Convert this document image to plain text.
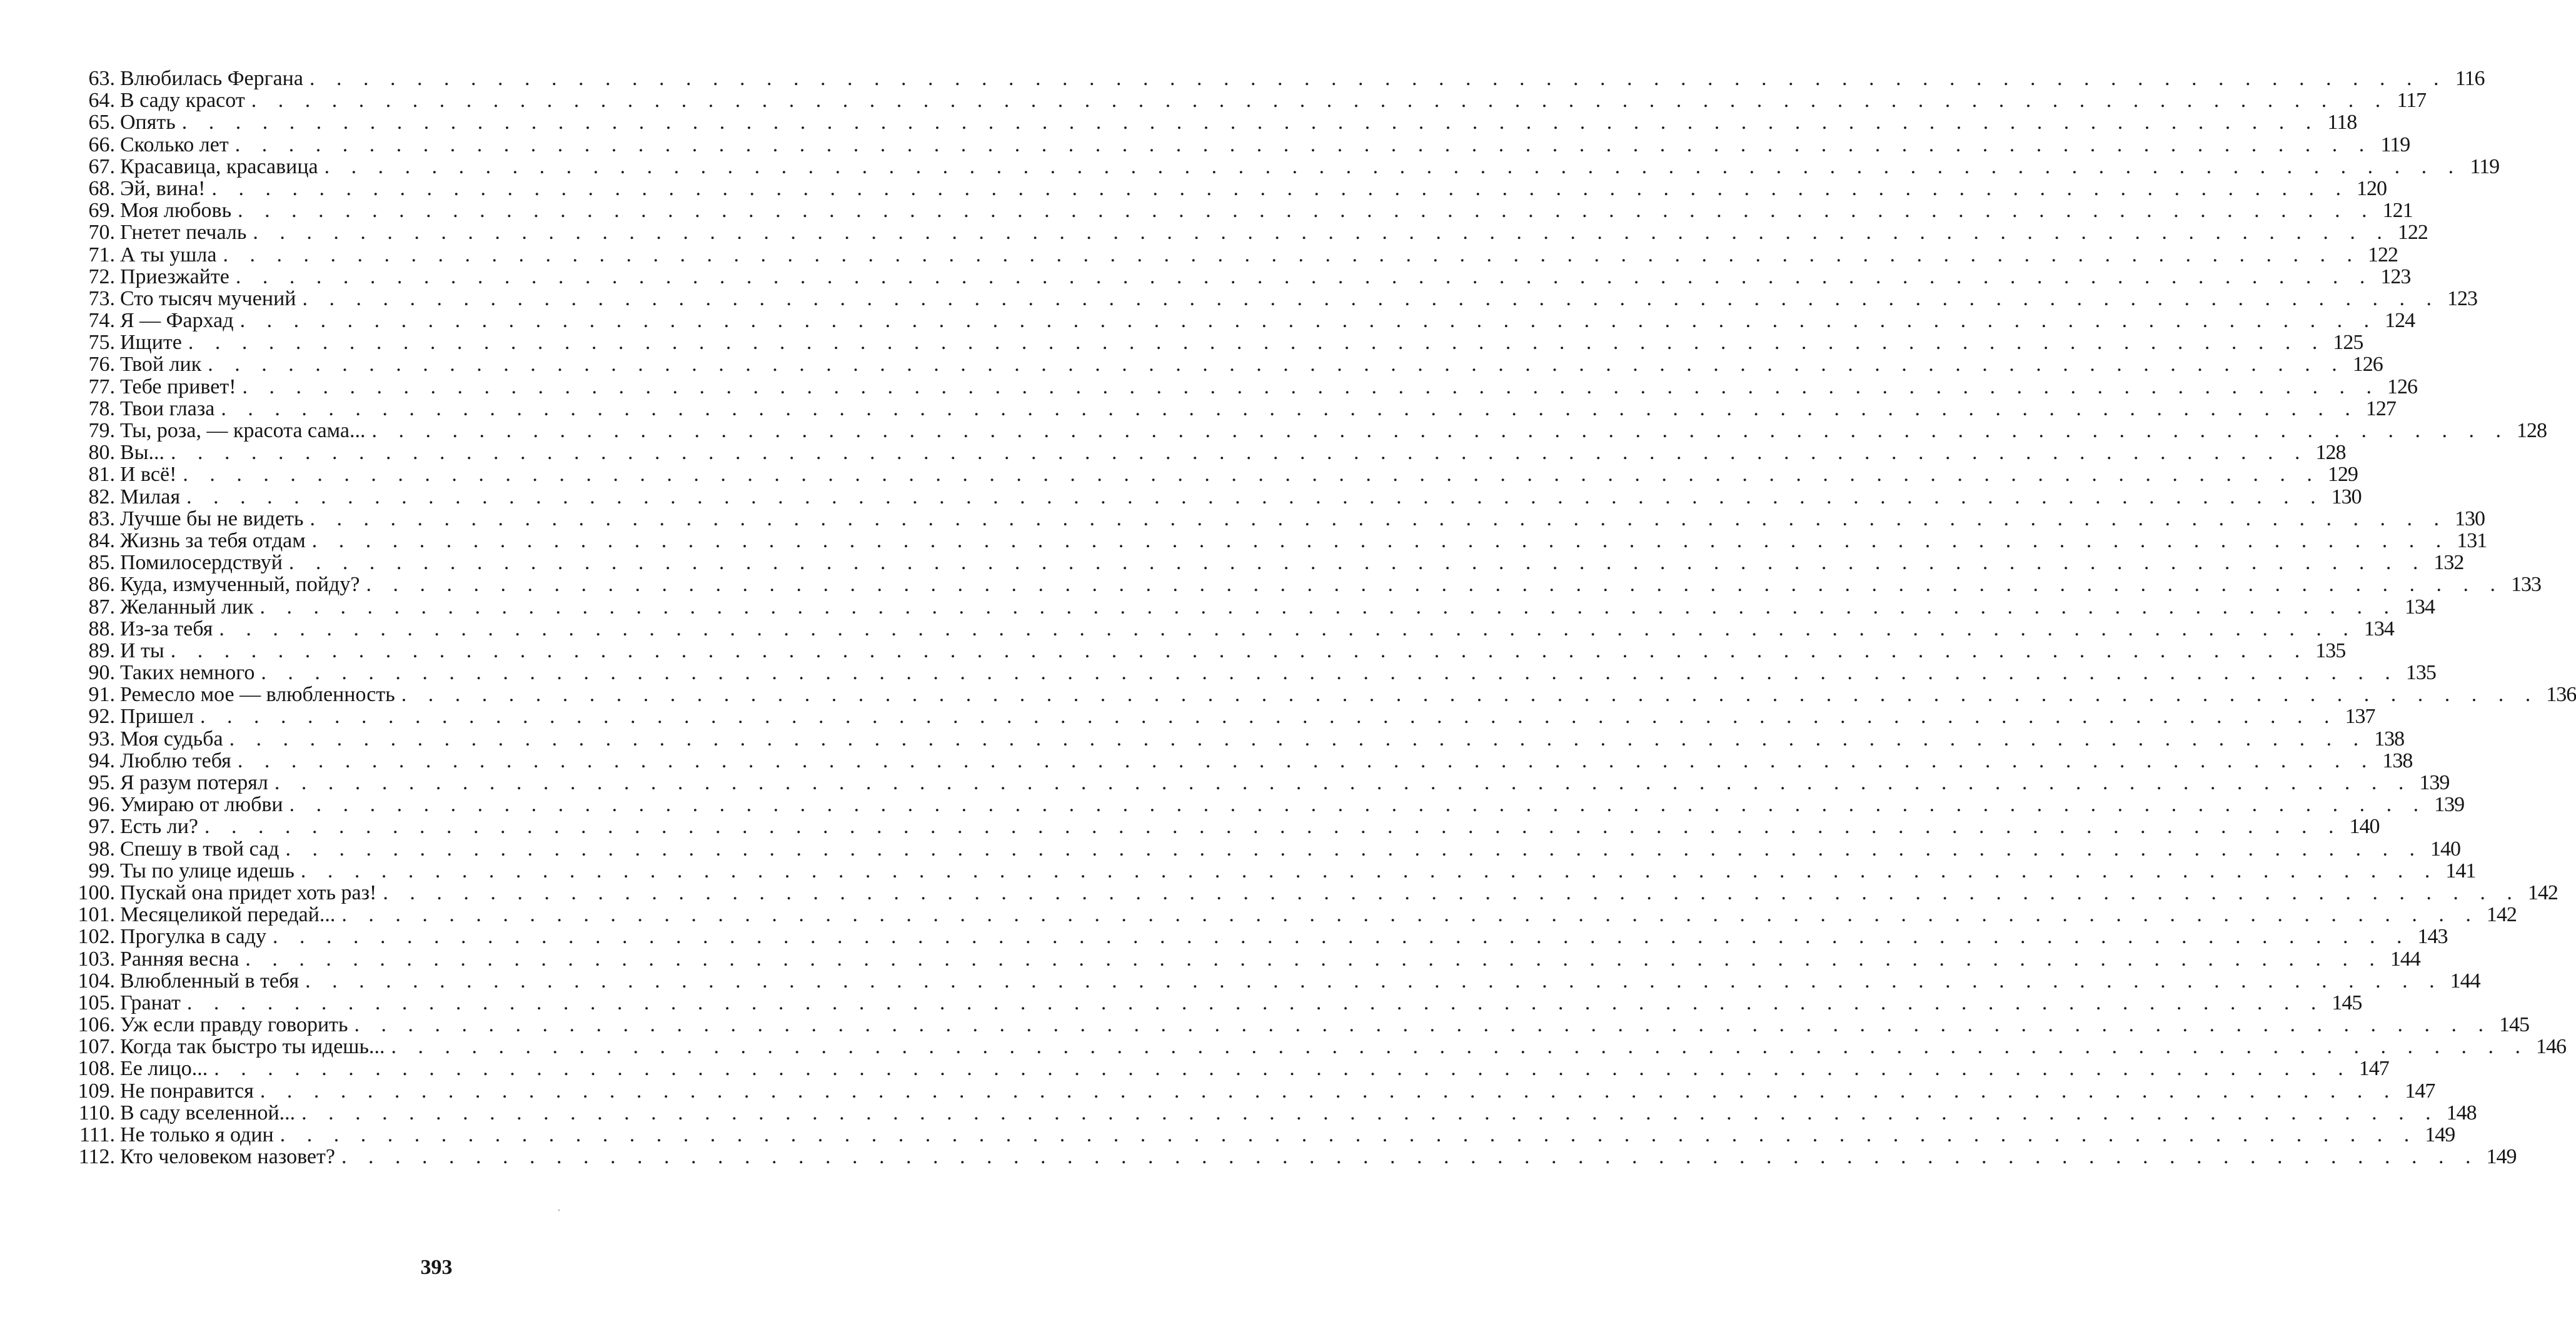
63. Влюбилась Фергана . . . . . . . . . . . . . . . . . . . . . . . . . . . . . . . . . . . . . . . . . . . . . . . . . . . . . . . . . . . . . . . . . . . . . . . . . . . . . . . . 116
64. В саду красот . . . . . . . . . . . . . . . . . . . . . . . . . . . . . . . . . . . . . . . . . . . . . . . . . . . . . . . . . . . . . . . . . . . . . . . . . . . . . . . . 117
65. Опять . . . . . . . . . . . . . . . . . . . . . . . . . . . . . . . . . . . . . . . . . . . . . . . . . . . . . . . . . . . . . . . . . . . . . . . . . . . . . . . . 118
66. Сколько лет . . . . . . . . . . . . . . . . . . . . . . . . . . . . . . . . . . . . . . . . . . . . . . . . . . . . . . . . . . . . . . . . . . . . . . . . . . . . . . . . 119
67. Красавица, красавица . . . . . . . . . . . . . . . . . . . . . . . . . . . . . . . . . . . . . . . . . . . . . . . . . . . . . . . . . . . . . . . . . . . . . . . . . . . . . . . . 119
68. Эй, вина! . . . . . . . . . . . . . . . . . . . . . . . . . . . . . . . . . . . . . . . . . . . . . . . . . . . . . . . . . . . . . . . . . . . . . . . . . . . . . . . . 120
69. Моя любовь . . . . . . . . . . . . . . . . . . . . . . . . . . . . . . . . . . . . . . . . . . . . . . . . . . . . . . . . . . . . . . . . . . . . . . . . . . . . . . . . 121
70. Гнетет печаль . . . . . . . . . . . . . . . . . . . . . . . . . . . . . . . . . . . . . . . . . . . . . . . . . . . . . . . . . . . . . . . . . . . . . . . . . . . . . . . . 122
71. А ты ушла . . . . . . . . . . . . . . . . . . . . . . . . . . . . . . . . . . . . . . . . . . . . . . . . . . . . . . . . . . . . . . . . . . . . . . . . . . . . . . . . 122
72. Приезжайте . . . . . . . . . . . . . . . . . . . . . . . . . . . . . . . . . . . . . . . . . . . . . . . . . . . . . . . . . . . . . . . . . . . . . . . . . . . . . . . . 123
73. Сто тысяч мучений . . . . . . . . . . . . . . . . . . . . . . . . . . . . . . . . . . . . . . . . . . . . . . . . . . . . . . . . . . . . . . . . . . . . . . . . . . . . . . . . 123
74. Я — Фархад . . . . . . . . . . . . . . . . . . . . . . . . . . . . . . . . . . . . . . . . . . . . . . . . . . . . . . . . . . . . . . . . . . . . . . . . . . . . . . . . 124
75. Ищите . . . . . . . . . . . . . . . . . . . . . . . . . . . . . . . . . . . . . . . . . . . . . . . . . . . . . . . . . . . . . . . . . . . . . . . . . . . . . . . . 125
76. Твой лик . . . . . . . . . . . . . . . . . . . . . . . . . . . . . . . . . . . . . . . . . . . . . . . . . . . . . . . . . . . . . . . . . . . . . . . . . . . . . . . . 126
77. Тебе привет! . . . . . . . . . . . . . . . . . . . . . . . . . . . . . . . . . . . . . . . . . . . . . . . . . . . . . . . . . . . . . . . . . . . . . . . . . . . . . . . . 126
78. Твои глаза . . . . . . . . . . . . . . . . . . . . . . . . . . . . . . . . . . . . . . . . . . . . . . . . . . . . . . . . . . . . . . . . . . . . . . . . . . . . . . . . 127
79. Ты, роза, — красота сама... . . . . . . . . . . . . . . . . . . . . . . . . . . . . . . . . . . . . . . . . . . . . . . . . . . . . . . . . . . . . . . . . . . . . . . . . . . . . . . . . 128
80. Вы... . . . . . . . . . . . . . . . . . . . . . . . . . . . . . . . . . . . . . . . . . . . . . . . . . . . . . . . . . . . . . . . . . . . . . . . . . . . . . . . . 128
81. И всё! . . . . . . . . . . . . . . . . . . . . . . . . . . . . . . . . . . . . . . . . . . . . . . . . . . . . . . . . . . . . . . . . . . . . . . . . . . . . . . . . 129
82. Милая . . . . . . . . . . . . . . . . . . . . . . . . . . . . . . . . . . . . . . . . . . . . . . . . . . . . . . . . . . . . . . . . . . . . . . . . . . . . . . . . 130
83. Лучше бы не видеть . . . . . . . . . . . . . . . . . . . . . . . . . . . . . . . . . . . . . . . . . . . . . . . . . . . . . . . . . . . . . . . . . . . . . . . . . . . . . . . . 130
84. Жизнь за тебя отдам . . . . . . . . . . . . . . . . . . . . . . . . . . . . . . . . . . . . . . . . . . . . . . . . . . . . . . . . . . . . . . . . . . . . . . . . . . . . . . . . 131
85. Помилосердствуй . . . . . . . . . . . . . . . . . . . . . . . . . . . . . . . . . . . . . . . . . . . . . . . . . . . . . . . . . . . . . . . . . . . . . . . . . . . . . . . . 132
86. Куда, измученный, пойду? . . . . . . . . . . . . . . . . . . . . . . . . . . . . . . . . . . . . . . . . . . . . . . . . . . . . . . . . . . . . . . . . . . . . . . . . . . . . . . . . 133
87. Желанный лик . . . . . . . . . . . . . . . . . . . . . . . . . . . . . . . . . . . . . . . . . . . . . . . . . . . . . . . . . . . . . . . . . . . . . . . . . . . . . . . . 134
88. Из-за тебя . . . . . . . . . . . . . . . . . . . . . . . . . . . . . . . . . . . . . . . . . . . . . . . . . . . . . . . . . . . . . . . . . . . . . . . . . . . . . . . . 134
89. И ты . . . . . . . . . . . . . . . . . . . . . . . . . . . . . . . . . . . . . . . . . . . . . . . . . . . . . . . . . . . . . . . . . . . . . . . . . . . . . . . . 135
90. Таких немного . . . . . . . . . . . . . . . . . . . . . . . . . . . . . . . . . . . . . . . . . . . . . . . . . . . . . . . . . . . . . . . . . . . . . . . . . . . . . . . . 135
91. Ремесло мое — влюбленность . . . . . . . . . . . . . . . . . . . . . . . . . . . . . . . . . . . . . . . . . . . . . . . . . . . . . . . . . . . . . . . . . . . . . . . . . . . . . . . . 136
92. Пришел . . . . . . . . . . . . . . . . . . . . . . . . . . . . . . . . . . . . . . . . . . . . . . . . . . . . . . . . . . . . . . . . . . . . . . . . . . . . . . . . 137
93. Моя судьба . . . . . . . . . . . . . . . . . . . . . . . . . . . . . . . . . . . . . . . . . . . . . . . . . . . . . . . . . . . . . . . . . . . . . . . . . . . . . . . . 138
94. Люблю тебя . . . . . . . . . . . . . . . . . . . . . . . . . . . . . . . . . . . . . . . . . . . . . . . . . . . . . . . . . . . . . . . . . . . . . . . . . . . . . . . . 138
95. Я разум потерял . . . . . . . . . . . . . . . . . . . . . . . . . . . . . . . . . . . . . . . . . . . . . . . . . . . . . . . . . . . . . . . . . . . . . . . . . . . . . . . . 139
96. Умираю от любви . . . . . . . . . . . . . . . . . . . . . . . . . . . . . . . . . . . . . . . . . . . . . . . . . . . . . . . . . . . . . . . . . . . . . . . . . . . . . . . . 139
97. Есть ли? . . . . . . . . . . . . . . . . . . . . . . . . . . . . . . . . . . . . . . . . . . . . . . . . . . . . . . . . . . . . . . . . . . . . . . . . . . . . . . . . 140
98. Спешу в твой сад . . . . . . . . . . . . . . . . . . . . . . . . . . . . . . . . . . . . . . . . . . . . . . . . . . . . . . . . . . . . . . . . . . . . . . . . . . . . . . . . 140
99. Ты по улице идешь . . . . . . . . . . . . . . . . . . . . . . . . . . . . . . . . . . . . . . . . . . . . . . . . . . . . . . . . . . . . . . . . . . . . . . . . . . . . . . . . 141
100. Пускай она придет хоть раз! . . . . . . . . . . . . . . . . . . . . . . . . . . . . . . . . . . . . . . . . . . . . . . . . . . . . . . . . . . . . . . . . . . . . . . . . . . . . . . . . 142
101. Месяцеликой передай... . . . . . . . . . . . . . . . . . . . . . . . . . . . . . . . . . . . . . . . . . . . . . . . . . . . . . . . . . . . . . . . . . . . . . . . . . . . . . . . . 142
102. Прогулка в саду . . . . . . . . . . . . . . . . . . . . . . . . . . . . . . . . . . . . . . . . . . . . . . . . . . . . . . . . . . . . . . . . . . . . . . . . . . . . . . . . 143
103. Ранняя весна . . . . . . . . . . . . . . . . . . . . . . . . . . . . . . . . . . . . . . . . . . . . . . . . . . . . . . . . . . . . . . . . . . . . . . . . . . . . . . . . 144
104. Влюбленный в тебя . . . . . . . . . . . . . . . . . . . . . . . . . . . . . . . . . . . . . . . . . . . . . . . . . . . . . . . . . . . . . . . . . . . . . . . . . . . . . . . . 144
105. Гранат . . . . . . . . . . . . . . . . . . . . . . . . . . . . . . . . . . . . . . . . . . . . . . . . . . . . . . . . . . . . . . . . . . . . . . . . . . . . . . . . 145
106. Уж если правду говорить . . . . . . . . . . . . . . . . . . . . . . . . . . . . . . . . . . . . . . . . . . . . . . . . . . . . . . . . . . . . . . . . . . . . . . . . . . . . . . . . 145
107. Когда так быстро ты идешь... . . . . . . . . . . . . . . . . . . . . . . . . . . . . . . . . . . . . . . . . . . . . . . . . . . . . . . . . . . . . . . . . . . . . . . . . . . . . . . . . 146
108. Ее лицо... . . . . . . . . . . . . . . . . . . . . . . . . . . . . . . . . . . . . . . . . . . . . . . . . . . . . . . . . . . . . . . . . . . . . . . . . . . . . . . . . 147
109. Не понравится . . . . . . . . . . . . . . . . . . . . . . . . . . . . . . . . . . . . . . . . . . . . . . . . . . . . . . . . . . . . . . . . . . . . . . . . . . . . . . . . 147
110. В саду вселенной... . . . . . . . . . . . . . . . . . . . . . . . . . . . . . . . . . . . . . . . . . . . . . . . . . . . . . . . . . . . . . . . . . . . . . . . . . . . . . . . . 148
111. Не только я один . . . . . . . . . . . . . . . . . . . . . . . . . . . . . . . . . . . . . . . . . . . . . . . . . . . . . . . . . . . . . . . . . . . . . . . . . . . . . . . . 149
112. Кто человеком назовет? . . . . . . . . . . . . . . . . . . . . . . . . . . . . . . . . . . . . . . . . . . . . . . . . . . . . . . . . . . . . . . . . . . . . . . . . . . . . . . . . 149
393
